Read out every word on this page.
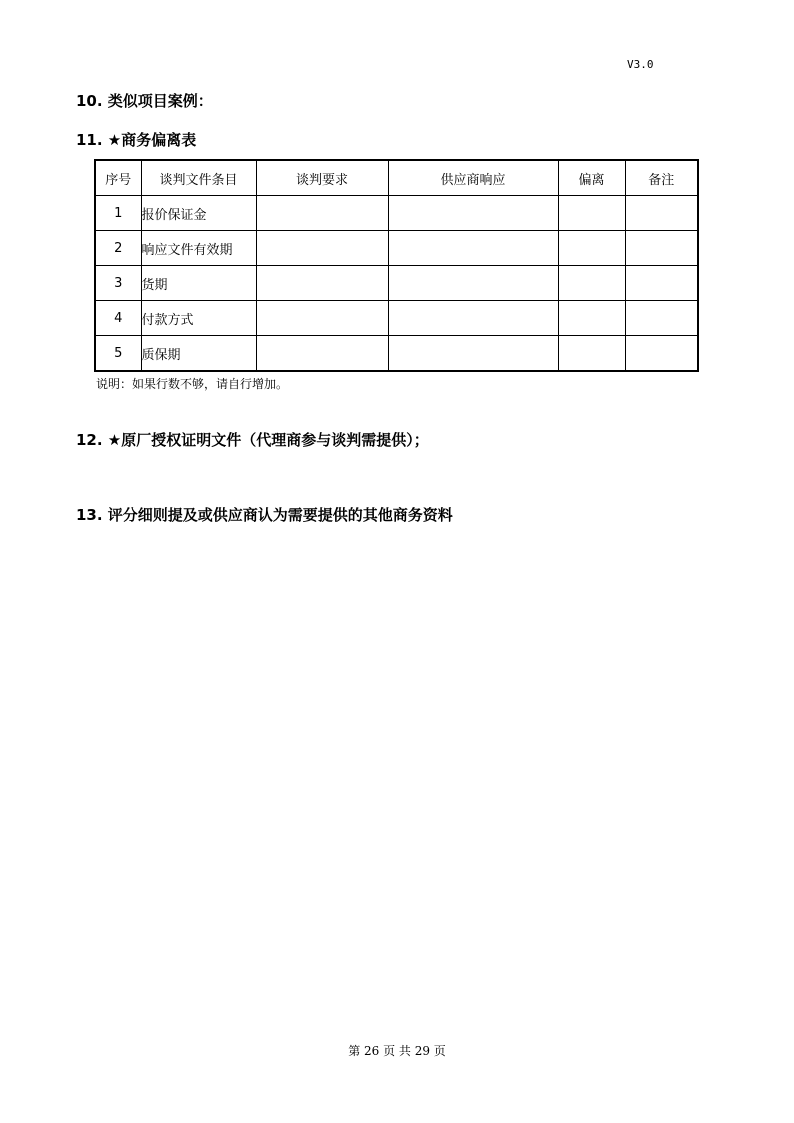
V3.0
10. 类似项目案例：
11. ★商务偏离表
序号	谈判文件条目	谈判要求	供应商响应	偏离	备注
1	报价保证金				
2	响应文件有效期				
3	货期				
4	付款方式				
5	质保期				
说明：如果行数不够，请自行增加。
12. ★原厂授权证明文件（代理商参与谈判需提供）；
13. 评分细则提及或供应商认为需要提供的其他商务资料
第 26 页 共 29 页
